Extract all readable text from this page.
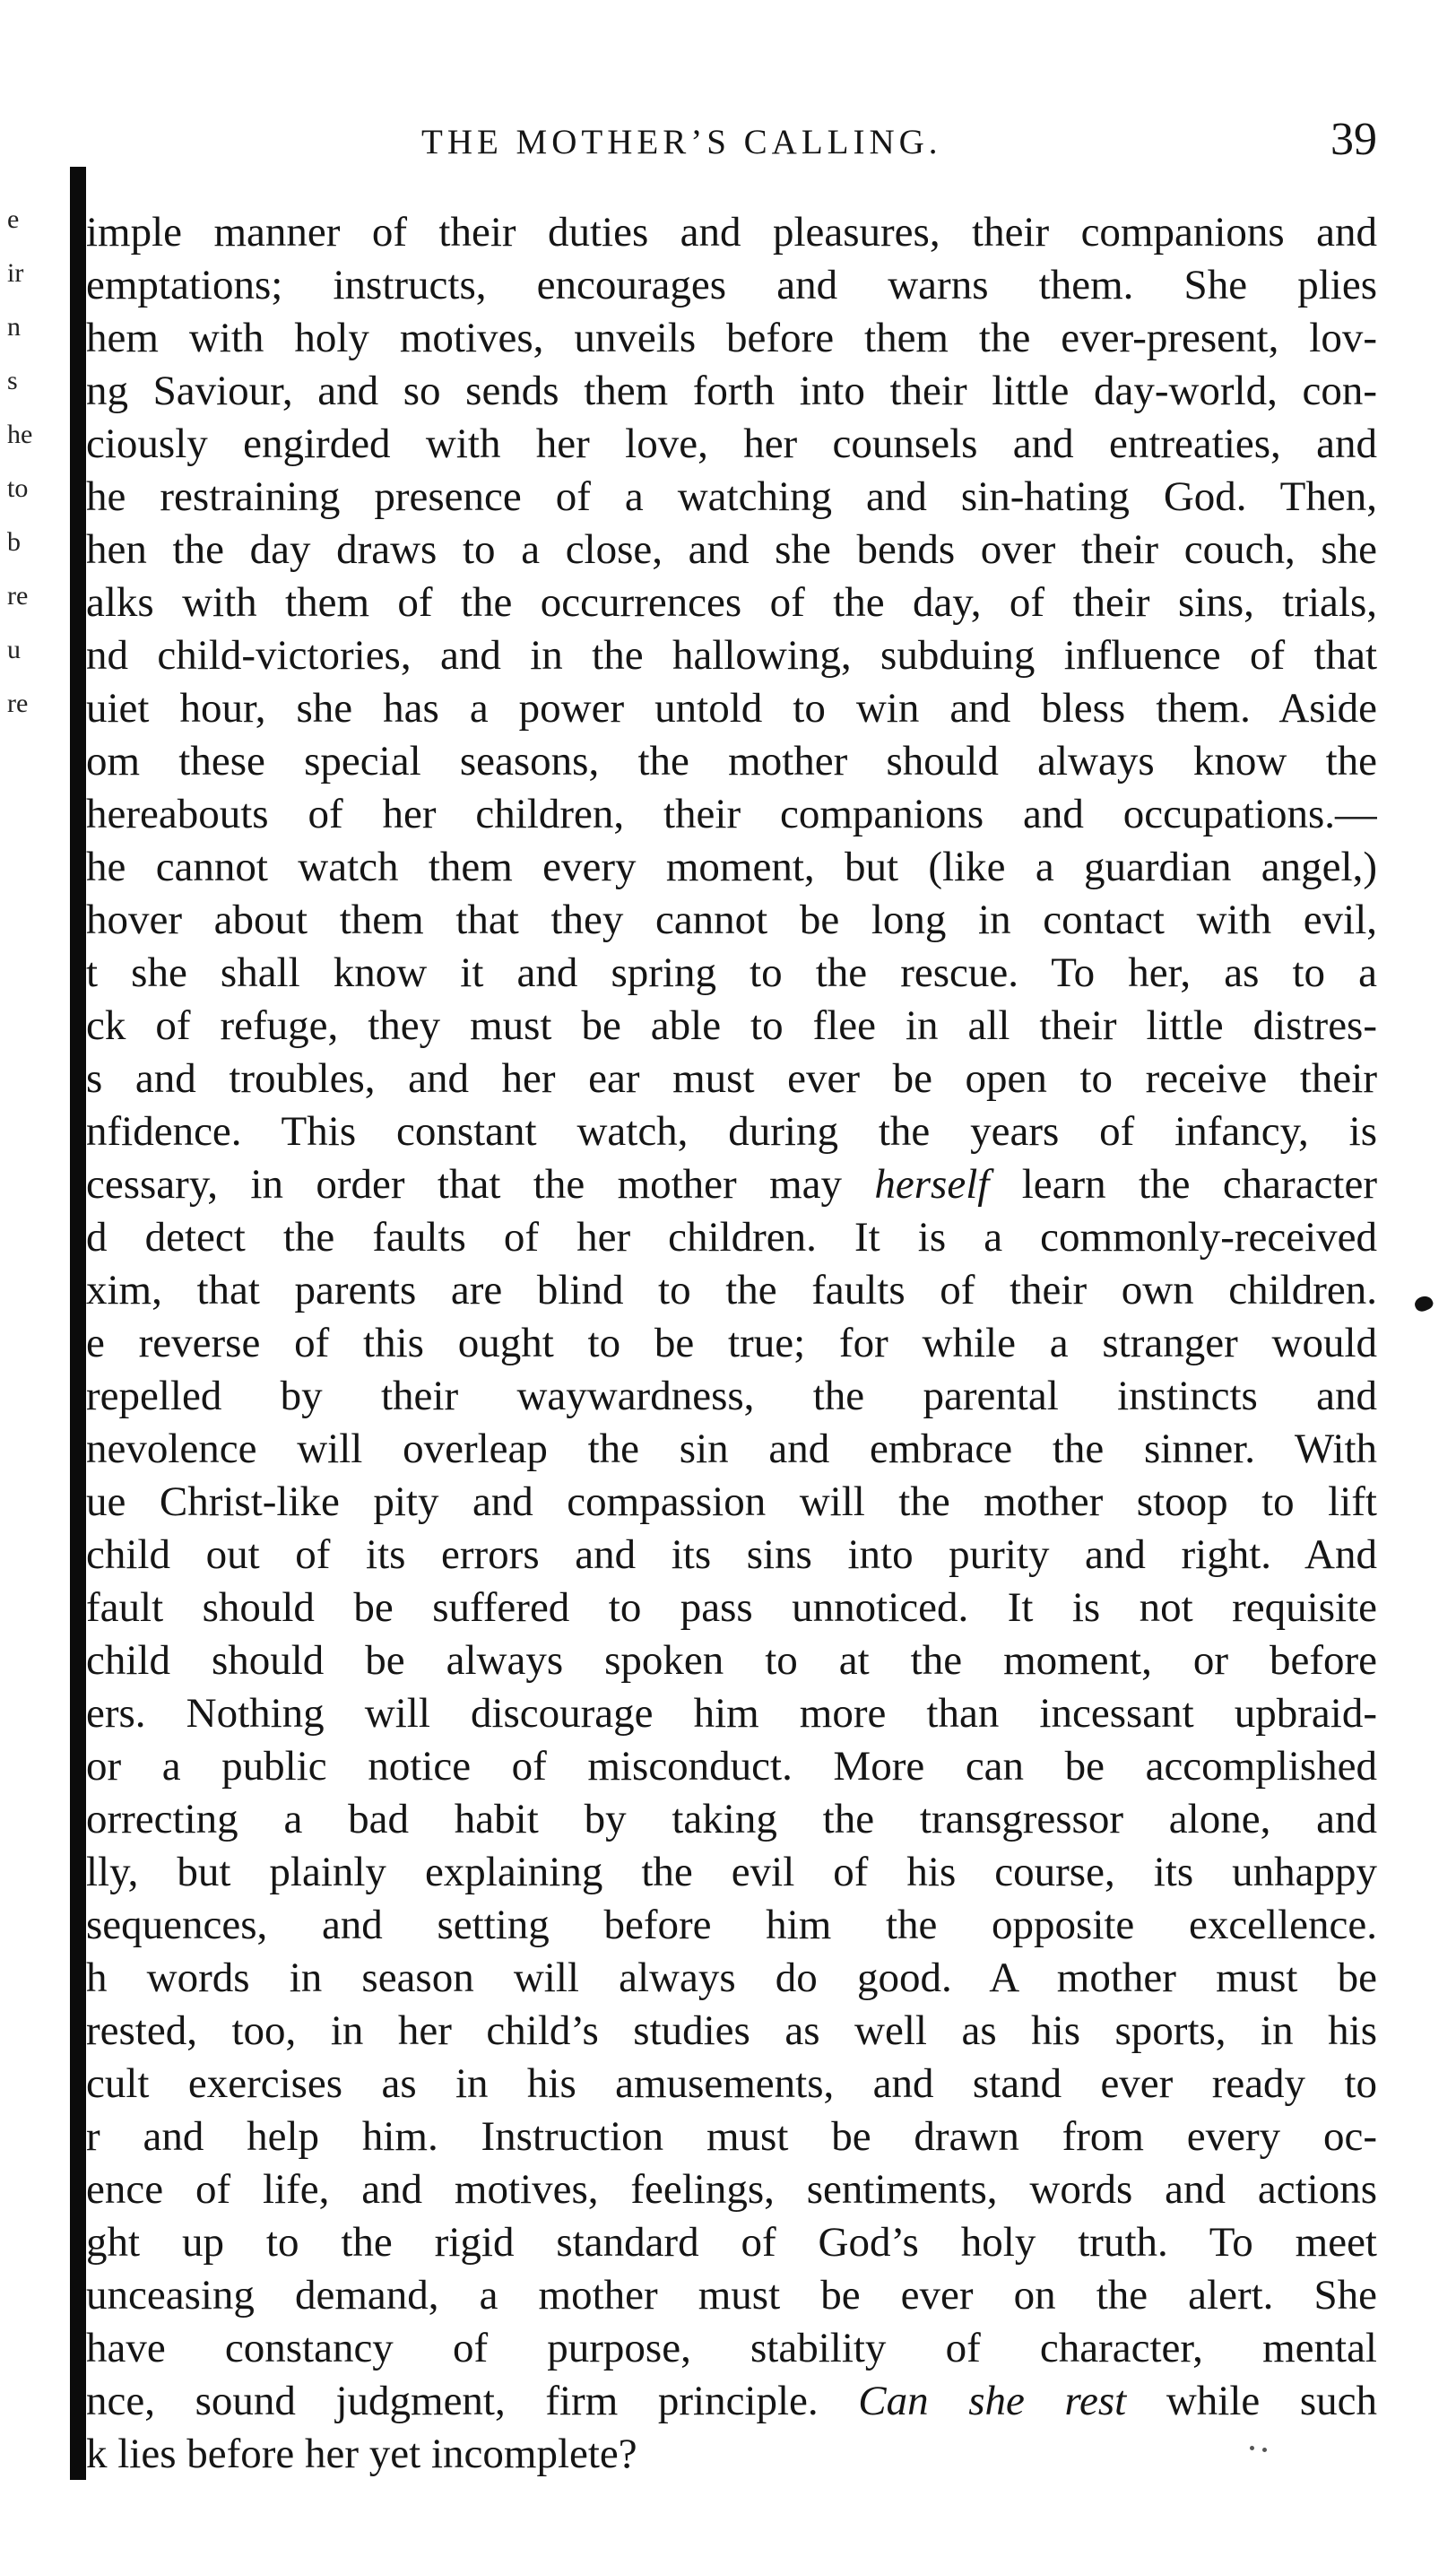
e
ir
n
s
he
to
b
re
u
re
THE MOTHER’S CALLING.	39
imple manner of their duties and pleasures, their companions and
emptations; instructs, encourages and warns them. She plies
hem with holy motives, unveils before them the ever-present, lov-
ng Saviour, and so sends them forth into their little day-world, con-
ciously engirded with her love, her counsels and entreaties, and
he restraining presence of a watching and sin-hating God. Then,
hen the day draws to a close, and she bends over their couch, she
alks with them of the occurrences of the day, of their sins, trials,
nd child-victories, and in the hallowing, subduing influence of that
uiet hour, she has a power untold to win and bless them. Aside
om these special seasons, the mother should always know the
hereabouts of her children, their companions and occupations.—
he cannot watch them every moment, but (like a guardian angel,)
hover about them that they cannot be long in contact with evil,
t she shall know it and spring to the rescue. To her, as to a
ck of refuge, they must be able to flee in all their little distres-
s and troubles, and her ear must ever be open to receive their
nfidence. This constant watch, during the years of infancy, is
cessary, in order that the mother may herself learn the character
d detect the faults of her children. It is a commonly-received
xim, that parents are blind to the faults of their own children.
e reverse of this ought to be true; for while a stranger would
repelled by their waywardness, the parental instincts and
nevolence will overleap the sin and embrace the sinner. With
ue Christ-like pity and compassion will the mother stoop to lift
child out of its errors and its sins into purity and right. And
fault should be suffered to pass unnoticed. It is not requisite
child should be always spoken to at the moment, or before
ers. Nothing will discourage him more than incessant upbraid-
or a public notice of misconduct. More can be accomplished
orrecting a bad habit by taking the transgressor alone, and
lly, but plainly explaining the evil of his course, its unhappy
sequences, and setting before him the opposite excellence.
h words in season will always do good. A mother must be
rested, too, in her child’s studies as well as his sports, in his
cult exercises as in his amusements, and stand ever ready to
r and help him. Instruction must be drawn from every oc-
ence of life, and motives, feelings, sentiments, words and actions
ght up to the rigid standard of God’s holy truth. To meet
unceasing demand, a mother must be ever on the alert. She
have constancy of purpose, stability of character, mental
nce, sound judgment, firm principle. Can she rest while such
k lies before her yet incomplete?
